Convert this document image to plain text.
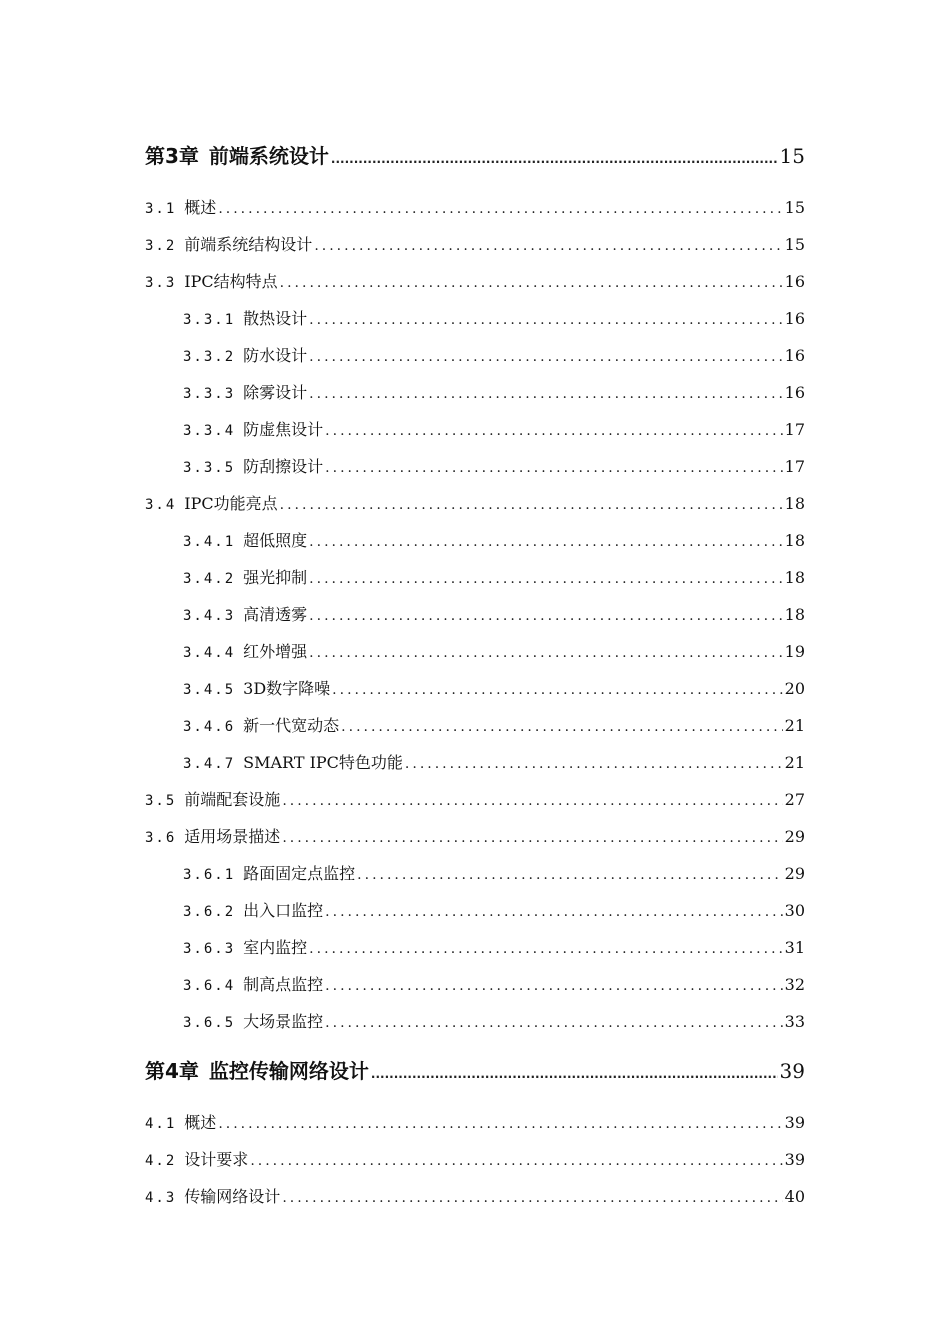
第3章 前端系统设计 .....	15
3.1 概述 .....	15
3.2 前端系统结构设计 .....	15
3.3 IPC结构特点 .....	16
3.3.1 散热设计 .....	16
3.3.2 防水设计 .....	16
3.3.3 除雾设计 .....	16
3.3.4 防虚焦设计 .....	17
3.3.5 防刮擦设计 .....	17
3.4 IPC功能亮点 .....	18
3.4.1 超低照度 .....	18
3.4.2 强光抑制 .....	18
3.4.3 高清透雾 .....	18
3.4.4 红外增强 .....	19
3.4.5 3D数字降噪 .....	20
3.4.6 新一代宽动态 .....	21
3.4.7 SMART IPC特色功能 .....	21
3.5 前端配套设施 .....	27
3.6 适用场景描述 .....	29
3.6.1 路面固定点监控 .....	29
3.6.2 出入口监控 .....	30
3.6.3 室内监控 .....	31
3.6.4 制高点监控 .....	32
3.6.5 大场景监控 .....	33
第4章 监控传输网络设计 .....	39
4.1 概述 .....	39
4.2 设计要求 .....	39
4.3 传输网络设计 .....	40
